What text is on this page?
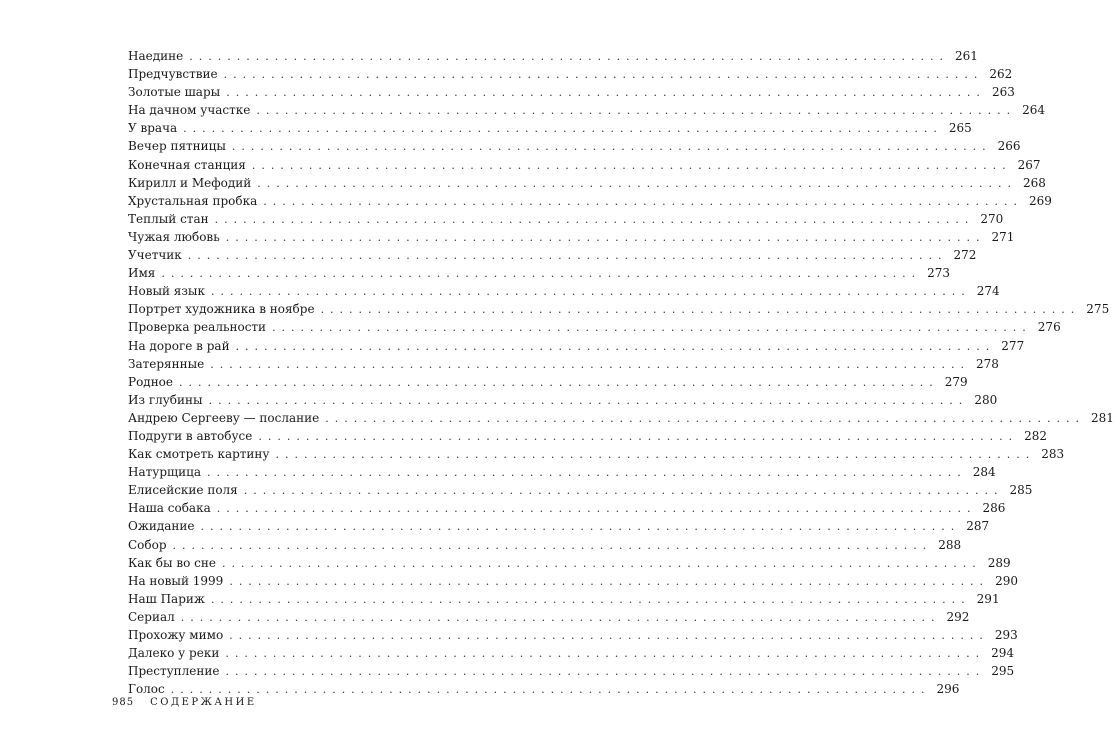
Наедине ................................................................................ 261
Предчувствие ................................................................................ 262
Золотые шары ................................................................................ 263
На дачном участке ................................................................................ 264
У врача ................................................................................ 265
Вечер пятницы ................................................................................ 266
Конечная станция ................................................................................ 267
Кирилл и Мефодий ................................................................................ 268
Хрустальная пробка ................................................................................ 269
Теплый стан ................................................................................ 270
Чужая любовь ................................................................................ 271
Учетчик ................................................................................ 272
Имя ................................................................................ 273
Новый язык ................................................................................ 274
Портрет художника в ноябре ................................................................................ 275
Проверка реальности ................................................................................ 276
На дороге в рай ................................................................................ 277
Затерянные ................................................................................ 278
Родное ................................................................................ 279
Из глубины ................................................................................ 280
Андрею Сергееву — послание ................................................................................ 281
Подруги в автобусе ................................................................................ 282
Как смотреть картину ................................................................................ 283
Натурщица ................................................................................ 284
Елисейские поля ................................................................................ 285
Наша собака ................................................................................ 286
Ожидание ................................................................................ 287
Собор ................................................................................ 288
Как бы во сне ................................................................................ 289
На новый 1999 ................................................................................ 290
Наш Париж ................................................................................ 291
Сериал ................................................................................ 292
Прохожу мимо ................................................................................ 293
Далеко у реки ................................................................................ 294
Преступление ................................................................................ 295
Голос ................................................................................ 296
985 СОДЕРЖАНИЕ
